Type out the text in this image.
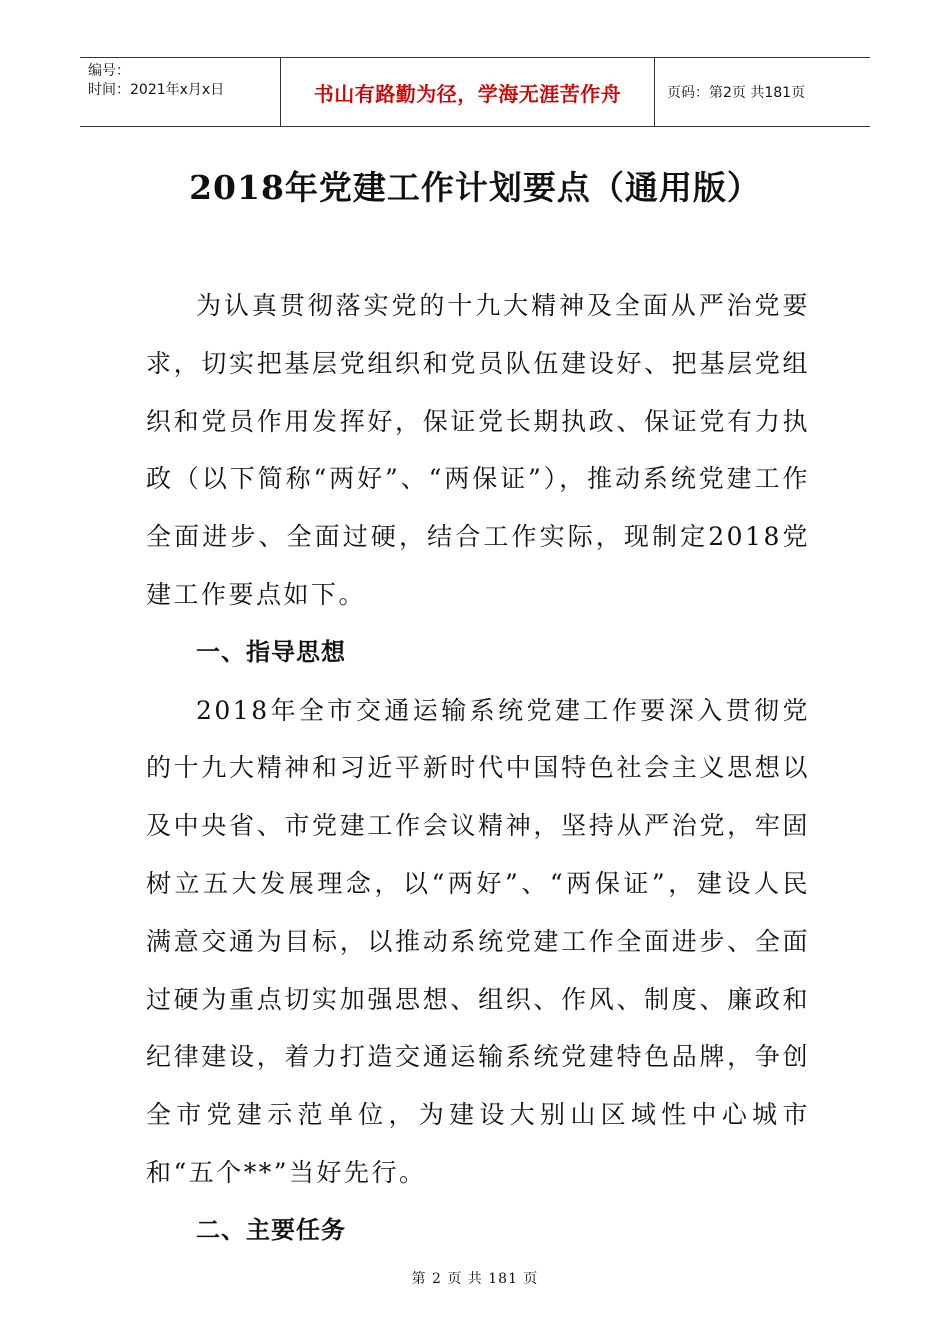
编号：
时间：2021年x月x日	书山有路勤为径，学海无涯苦作舟	页码：第2页 共181页
2018年党建工作计划要点（通用版）

为认真贯彻落实党的十九大精神及全面从严治党要求，切实把基层党组织和党员队伍建设好、把基层党组织和党员作用发挥好，保证党长期执政、保证党有力执政（以下简称“两好”、“两保证”），推动系统党建工作全面进步、全面过硬，结合工作实际，现制定2018党建工作要点如下。

一、指导思想

2018年全市交通运输系统党建工作要深入贯彻党的十九大精神和习近平新时代中国特色社会主义思想以及中央省、市党建工作会议精神，坚持从严治党，牢固树立五大发展理念，以“两好”、“两保证”，建设人民满意交通为目标，以推动系统党建工作全面进步、全面过硬为重点切实加强思想、组织、作风、制度、廉政和纪律建设，着力打造交通运输系统党建特色品牌，争创全市党建示范单位，为建设大别山区域性中心城市和“五个**”当好先行。

二、主要任务

第 2 页 共 181 页
